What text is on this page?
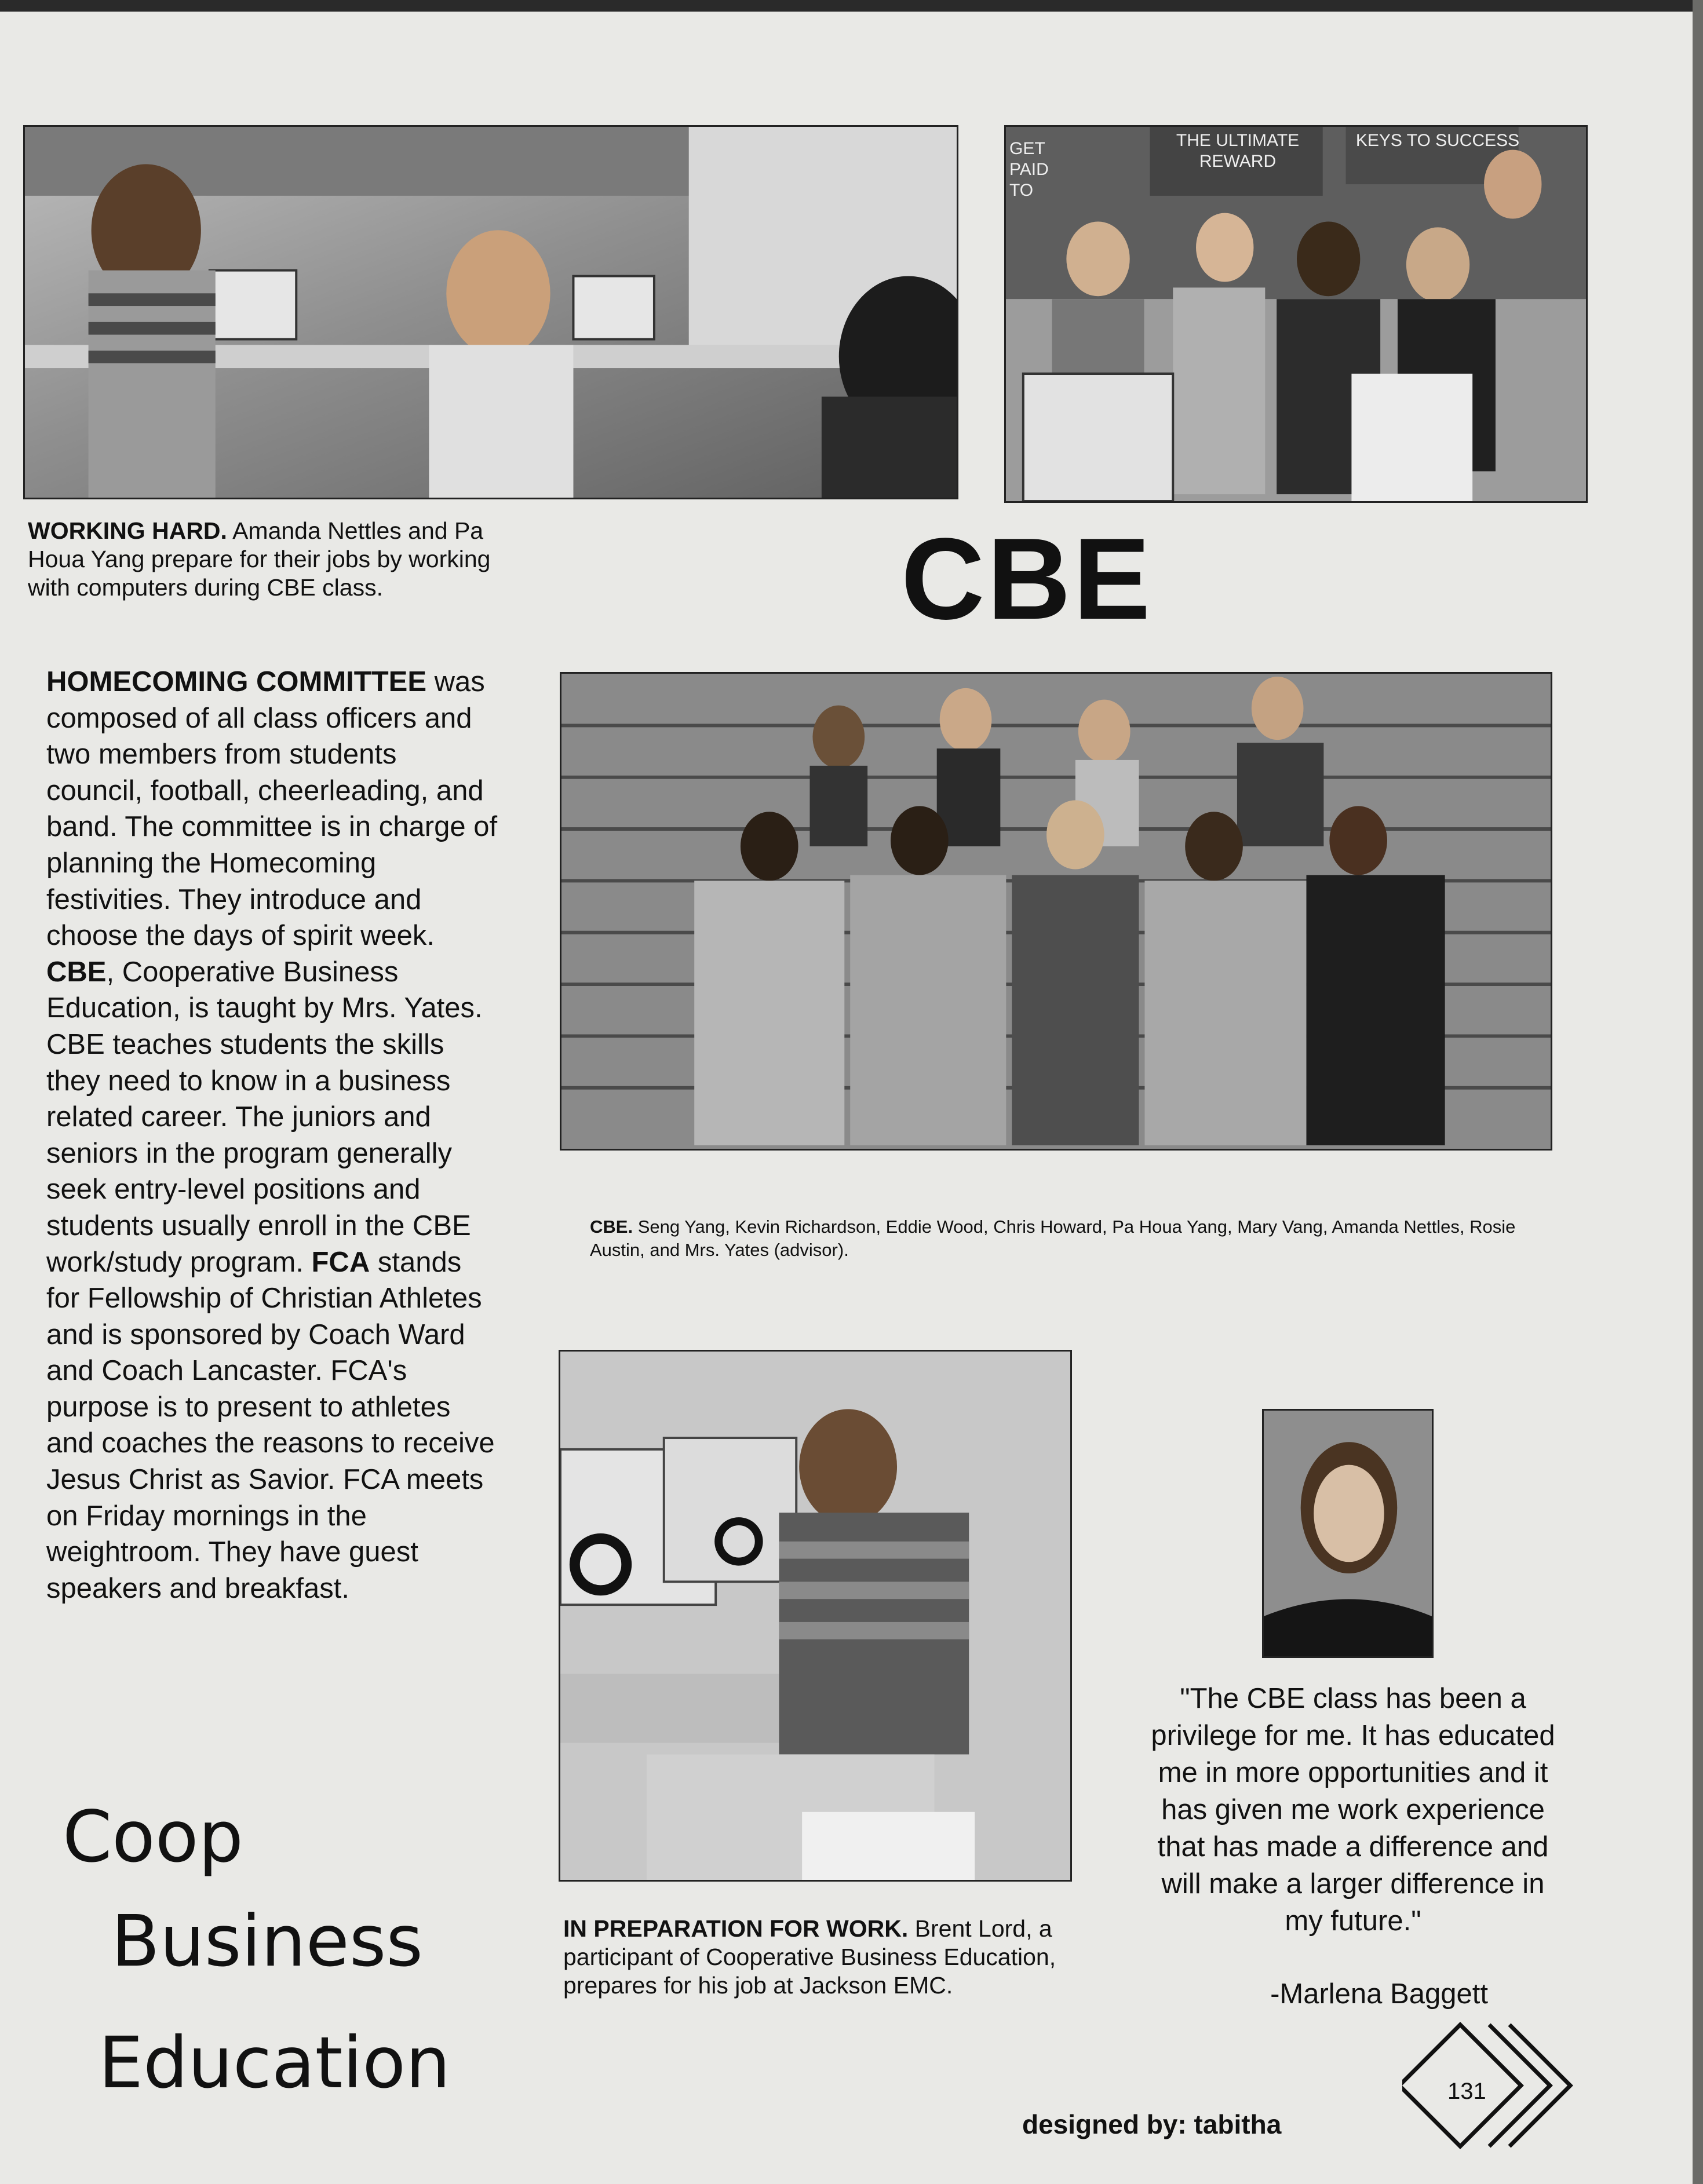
WORKING HARD. Amanda Nettles and Pa Houa Yang prepare for their jobs by working with computers during CBE class.
GET PAID TO
THE ULTIMATE REWARD
KEYS TO SUCCESS
CBE
CBE. Seng Yang, Kevin Richardson, Eddie Wood, Chris Howard, Pa Houa Yang, Mary Vang, Amanda Nettles, Rosie Austin, and Mrs. Yates (advisor).
HOMECOMING COMMITTEE was composed of all class officers and two members from students council, football, cheerleading, and band. The committee is in charge of planning the Homecoming festivities. They introduce and choose the days of spirit week. CBE, Cooperative Business Education, is taught by Mrs. Yates. CBE teaches students the skills they need to know in a business related career. The juniors and seniors in the program generally seek entry-level positions and students usually enroll in the CBE work/study program. FCA stands for Fellowship of Christian Athletes and is sponsored by Coach Ward and Coach Lancaster. FCA's purpose is to present to athletes and coaches the reasons to receive Jesus Christ as Savior. FCA meets on Friday mornings in the weightroom. They have guest speakers and breakfast.
Coop
Business
Education
IN PREPARATION FOR WORK. Brent Lord, a participant of Cooperative Business Education, prepares for his job at Jackson EMC.
"The CBE class has been a privilege for me. It has educated me in more opportunities and it has given me work experience that has made a difference and will make a larger difference in my future."
-Marlena Baggett
designed by: tabitha
131
